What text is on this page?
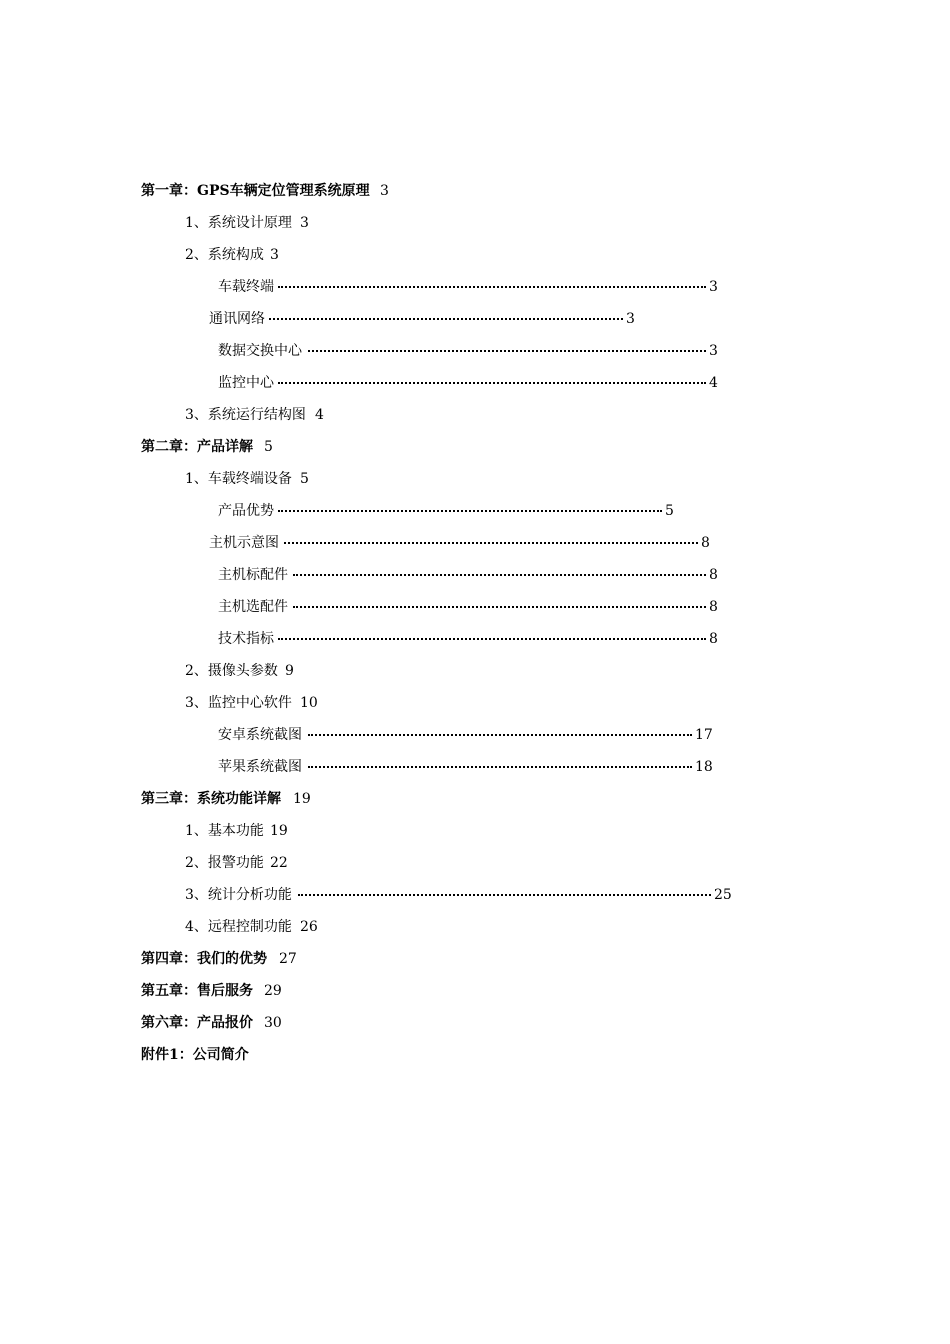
第一章：GPS车辆定位管理系统原理 3
1、系统设计原理 3
2、系统构成 3
车载终端	3
通讯网络	3
数据交换中心	3
监控中心	4
3、系统运行结构图 4
第二章：产品详解 5
1、车载终端设备 5
产品优势	5
主机示意图	8
主机标配件	8
主机选配件	8
技术指标	8
2、摄像头参数 9
3、监控中心软件 10
安卓系统截图	17
苹果系统截图	18
第三章：系统功能详解 19
1、基本功能 19
2、报警功能 22
3、统计分析功能	25
4、远程控制功能 26
第四章：我们的优势 27
第五章：售后服务 29
第六章：产品报价 30
附件1：公司简介
